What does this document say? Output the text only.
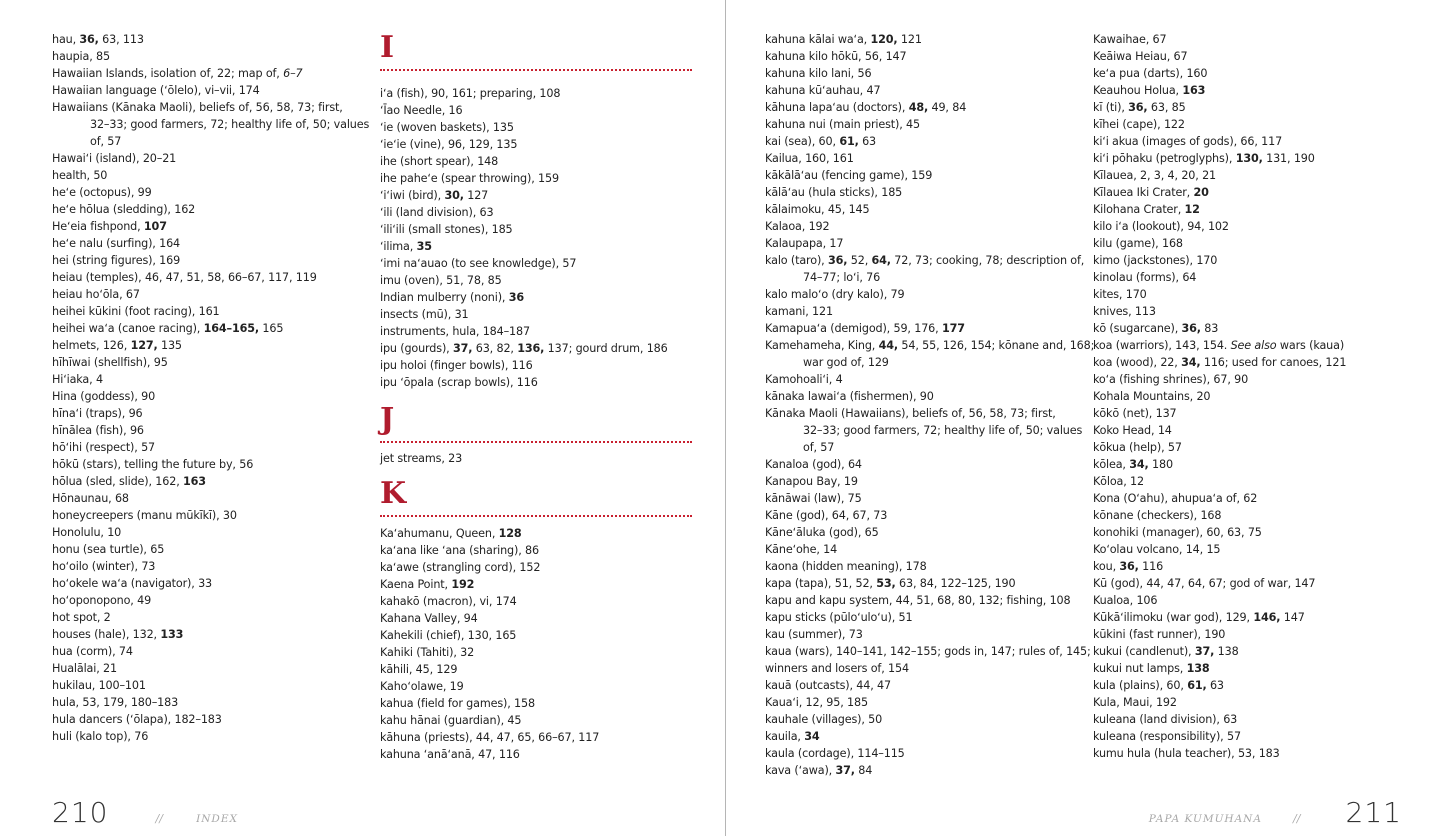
hau, 36, 63, 113
haupia, 85
Hawaiian Islands, isolation of, 22; map of, 6–7
Hawaiian language (ʻōlelo), vi–vii, 174
Hawaiians (Kānaka Maoli), beliefs of, 56, 58, 73; first,
32–33; good farmers, 72; healthy life of, 50; values
of, 57
Hawaiʻi (island), 20–21
health, 50
heʻe (octopus), 99
heʻe hōlua (sledding), 162
Heʻeia fishpond, 107
heʻe nalu (surfing), 164
hei (string figures), 169
heiau (temples), 46, 47, 51, 58, 66–67, 117, 119
heiau hoʻōla, 67
heihei kūkini (foot racing), 161
heihei waʻa (canoe racing), 164–165, 165
helmets, 126, 127, 135
hīhīwai (shellfish), 95
Hiʻiaka, 4
Hina (goddess), 90
hīnaʻi (traps), 96
hīnālea (fish), 96
hōʻihi (respect), 57
hōkū (stars), telling the future by, 56
hōlua (sled, slide), 162, 163
Hōnaunau, 68
honeycreepers (manu mūkīkī), 30
Honolulu, 10
honu (sea turtle), 65
hoʻoilo (winter), 73
hoʻokele waʻa (navigator), 33
hoʻoponopono, 49
hot spot, 2
houses (hale), 132, 133
hua (corm), 74
Hualālai, 21
hukilau, 100–101
hula, 53, 179, 180–183
hula dancers (ʻōlapa), 182–183
huli (kalo top), 76
I
iʻa (fish), 90, 161; preparing, 108
ʻĪao Needle, 16
ʻie (woven baskets), 135
ʻieʻie (vine), 96, 129, 135
ihe (short spear), 148
ihe paheʻe (spear throwing), 159
ʻiʻiwi (bird), 30, 127
ʻili (land division), 63
ʻiliʻili (small stones), 185
ʻilima, 35
ʻimi naʻauao (to see knowledge), 57
imu (oven), 51, 78, 85
Indian mulberry (noni), 36
insects (mū), 31
instruments, hula, 184–187
ipu (gourds), 37, 63, 82, 136, 137; gourd drum, 186
ipu holoi (finger bowls), 116
ipu ʻōpala (scrap bowls), 116
J
jet streams, 23
K
Kaʻahumanu, Queen, 128
kaʻana like ʻana (sharing), 86
kaʻawe (strangling cord), 152
Kaena Point, 192
kahakō (macron), vi, 174
Kahana Valley, 94
Kahekili (chief), 130, 165
Kahiki (Tahiti), 32
kāhili, 45, 129
Kahoʻolawe, 19
kahua (field for games), 158
kahu hānai (guardian), 45
kāhuna (priests), 44, 47, 65, 66–67, 117
kahuna ʻanāʻanā, 47, 116
210	//	INDEX
kahuna kālai waʻa, 120, 121
kahuna kilo hōkū, 56, 147
kahuna kilo lani, 56
kahuna kūʻauhau, 47
kāhuna lapaʻau (doctors), 48, 49, 84
kahuna nui (main priest), 45
kai (sea), 60, 61, 63
Kailua, 160, 161
kākālāʻau (fencing game), 159
kālāʻau (hula sticks), 185
kālaimoku, 45, 145
Kalaoa, 192
Kalaupapa, 17
kalo (taro), 36, 52, 64, 72, 73; cooking, 78; description of,
74–77; loʻi, 76
kalo maloʻo (dry kalo), 79
kamani, 121
Kamapuaʻa (demigod), 59, 176, 177
Kamehameha, King, 44, 54, 55, 126, 154; kōnane and, 168;
war god of, 129
Kamohoaliʻi, 4
kānaka lawaiʻa (fishermen), 90
Kānaka Maoli (Hawaiians), beliefs of, 56, 58, 73; first,
32–33; good farmers, 72; healthy life of, 50; values
of, 57
Kanaloa (god), 64
Kanapou Bay, 19
kānāwai (law), 75
Kāne (god), 64, 67, 73
Kāneʻāluka (god), 65
Kāneʻohe, 14
kaona (hidden meaning), 178
kapa (tapa), 51, 52, 53, 63, 84, 122–125, 190
kapu and kapu system, 44, 51, 68, 80, 132; fishing, 108
kapu sticks (pūloʻuloʻu), 51
kau (summer), 73
kaua (wars), 140–141, 142–155; gods in, 147; rules of, 145;
winners and losers of, 154
kauā (outcasts), 44, 47
Kauaʻi, 12, 95, 185
kauhale (villages), 50
kauila, 34
kaula (cordage), 114–115
kava (ʻawa), 37, 84
Kawaihae, 67
Keāiwa Heiau, 67
keʻa pua (darts), 160
Keauhou Holua, 163
kī (ti), 36, 63, 85
kīhei (cape), 122
kiʻi akua (images of gods), 66, 117
kiʻi pōhaku (petroglyphs), 130, 131, 190
Kīlauea, 2, 3, 4, 20, 21
Kīlauea Iki Crater, 20
Kilohana Crater, 12
kilo iʻa (lookout), 94, 102
kilu (game), 168
kimo (jackstones), 170
kinolau (forms), 64
kites, 170
knives, 113
kō (sugarcane), 36, 83
koa (warriors), 143, 154. See also wars (kaua)
koa (wood), 22, 34, 116; used for canoes, 121
koʻa (fishing shrines), 67, 90
Kohala Mountains, 20
kōkō (net), 137
Koko Head, 14
kōkua (help), 57
kōlea, 34, 180
Kōloa, 12
Kona (Oʻahu), ahupuaʻa of, 62
kōnane (checkers), 168
konohiki (manager), 60, 63, 75
Koʻolau volcano, 14, 15
kou, 36, 116
Kū (god), 44, 47, 64, 67; god of war, 147
Kualoa, 106
Kūkāʻilimoku (war god), 129, 146, 147
kūkini (fast runner), 190
kukui (candlenut), 37, 138
kukui nut lamps, 138
kula (plains), 60, 61, 63
Kula, Maui, 192
kuleana (land division), 63
kuleana (responsibility), 57
kumu hula (hula teacher), 53, 183
PAPA KUMUHANA	// 211
